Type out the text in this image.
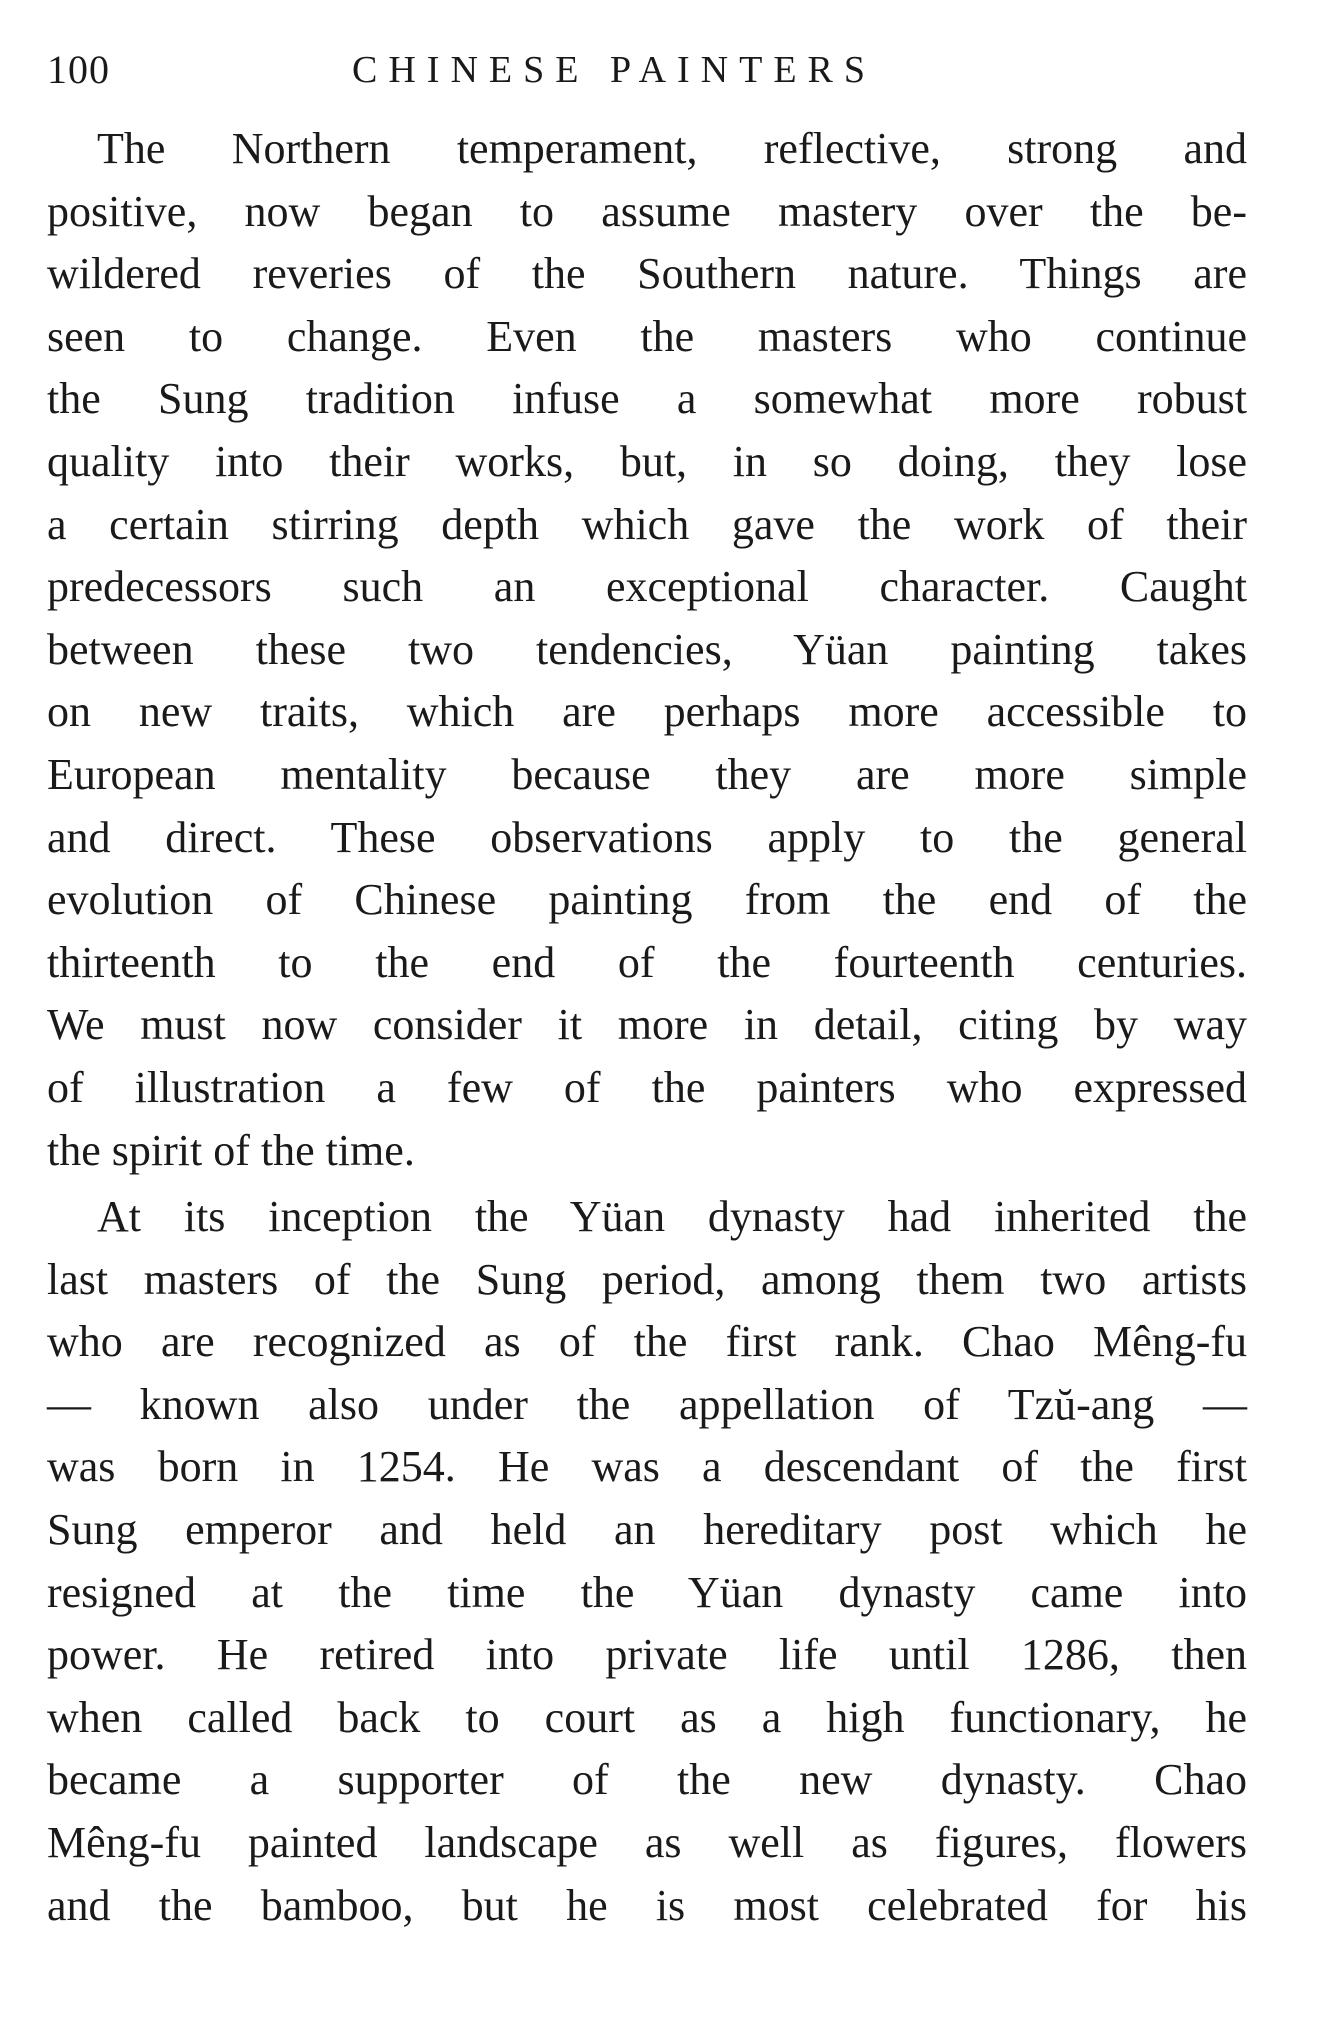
100	CHINESE PAINTERS
The Northern temperament, reflective, strong and
positive, now began to assume mastery over the be-
wildered reveries of the Southern nature. Things are
seen to change. Even the masters who continue
the Sung tradition infuse a somewhat more robust
quality into their works, but, in so doing, they lose
a certain stirring depth which gave the work of their
predecessors such an exceptional character. Caught
between these two tendencies, Yüan painting takes
on new traits, which are perhaps more accessible to
European mentality because they are more simple
and direct. These observations apply to the general
evolution of Chinese painting from the end of the
thirteenth to the end of the fourteenth centuries.
We must now consider it more in detail, citing by way
of illustration a few of the painters who expressed
the spirit of the time.
At its inception the Yüan dynasty had inherited the
last masters of the Sung period, among them two artists
who are recognized as of the first rank. Chao Mêng-fu
— known also under the appellation of Tzŭ-ang —
was born in 1254. He was a descendant of the first
Sung emperor and held an hereditary post which he
resigned at the time the Yüan dynasty came into
power. He retired into private life until 1286, then
when called back to court as a high functionary, he
became a supporter of the new dynasty. Chao
Mêng-fu painted landscape as well as figures, flowers
and the bamboo, but he is most celebrated for his
